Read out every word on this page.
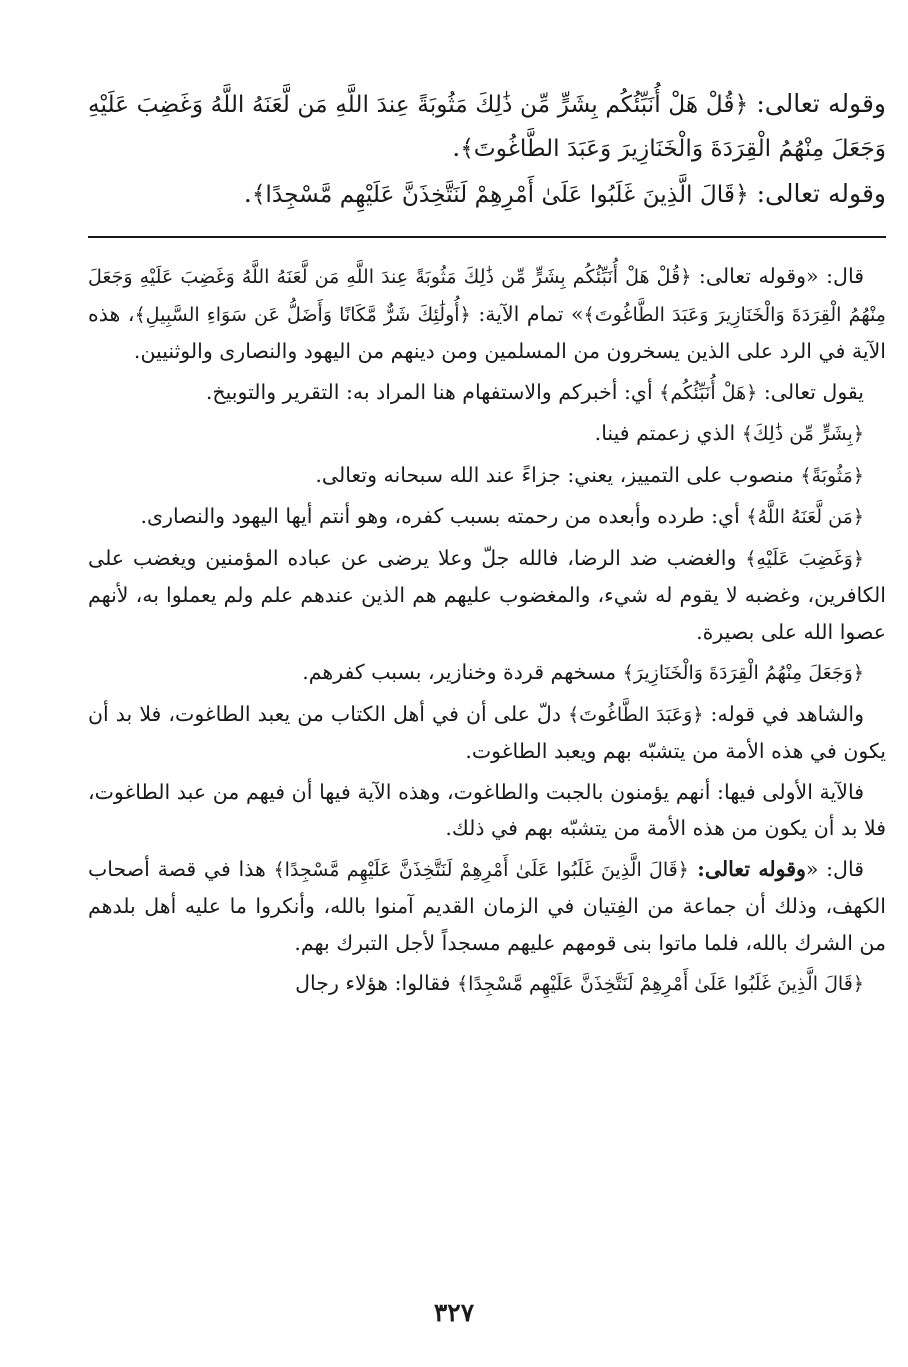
وقوله تعالى: ﴿قُلْ هَلْ أُنَبِّئُكُم بِشَرٍّ مِّن ذَٰلِكَ مَثُوبَةً عِندَ اللَّهِ مَن لَّعَنَهُ اللَّهُ وَغَضِبَ عَلَيْهِ وَجَعَلَ مِنْهُمُ الْقِرَدَةَ وَالْخَنَازِيرَ وَعَبَدَ الطَّاغُوتَ﴾.

وقوله تعالى: ﴿قَالَ الَّذِينَ غَلَبُوا عَلَىٰ أَمْرِهِمْ لَنَتَّخِذَنَّ عَلَيْهِم مَّسْجِدًا﴾.

قال: «وقوله تعالى: ﴿قُلْ هَلْ أُنَبِّئُكُم بِشَرٍّ مِّن ذَٰلِكَ مَثُوبَةً عِندَ اللَّهِ مَن لَّعَنَهُ اللَّهُ وَغَضِبَ عَلَيْهِ وَجَعَلَ مِنْهُمُ الْقِرَدَةَ وَالْخَنَازِيرَ وَعَبَدَ الطَّاغُوتَ﴾» تمام الآية: ﴿أُولَٰئِكَ شَرٌّ مَّكَانًا وَأَضَلُّ عَن سَوَاءِ السَّبِيلِ﴾، هذه الآية في الرد على الذين يسخرون من المسلمين ومن دينهم من اليهود والنصارى والوثنيين.

يقول تعالى: ﴿هَلْ أُنَبِّئُكُم﴾ أي: أخبركم والاستفهام هنا المراد به: التقرير والتوبيخ.

﴿بِشَرٍّ مِّن ذَٰلِكَ﴾ الذي زعمتم فينا.

﴿مَثُوبَةً﴾ منصوب على التمييز، يعني: جزاءً عند الله سبحانه وتعالى.

﴿مَن لَّعَنَهُ اللَّهُ﴾ أي: طرده وأبعده من رحمته بسبب كفره، وهو أنتم أيها اليهود والنصارى.

﴿وَغَضِبَ عَلَيْهِ﴾ والغضب ضد الرضا، فالله جلّ وعلا يرضى عن عباده المؤمنين ويغضب على الكافرين، وغضبه لا يقوم له شيء، والمغضوب عليهم هم الذين عندهم علم ولم يعملوا به، لأنهم عصوا الله على بصيرة.

﴿وَجَعَلَ مِنْهُمُ الْقِرَدَةَ وَالْخَنَازِيرَ﴾ مسخهم قردة وخنازير، بسبب كفرهم.

والشاهد في قوله: ﴿وَعَبَدَ الطَّاغُوتَ﴾ دلّ على أن في أهل الكتاب من يعبد الطاغوت، فلا بد أن يكون في هذه الأمة من يتشبّه بهم ويعبد الطاغوت.

فالآية الأولى فيها: أنهم يؤمنون بالجبت والطاغوت، وهذه الآية فيها أن فيهم من عبد الطاغوت، فلا بد أن يكون من هذه الأمة من يتشبّه بهم في ذلك.

قال: «وقوله تعالى: ﴿قَالَ الَّذِينَ غَلَبُوا عَلَىٰ أَمْرِهِمْ لَنَتَّخِذَنَّ عَلَيْهِم مَّسْجِدًا﴾ هذا في قصة أصحاب الكهف، وذلك أن جماعة من الفِتيان في الزمان القديم آمنوا بالله، وأنكروا ما عليه أهل بلدهم من الشرك بالله، فلما ماتوا بنى قومهم عليهم مسجداً لأجل التبرك بهم.

﴿قَالَ الَّذِينَ غَلَبُوا عَلَىٰ أَمْرِهِمْ لَنَتَّخِذَنَّ عَلَيْهِم مَّسْجِدًا﴾ فقالوا: هؤلاء رجال

٣٢٧
